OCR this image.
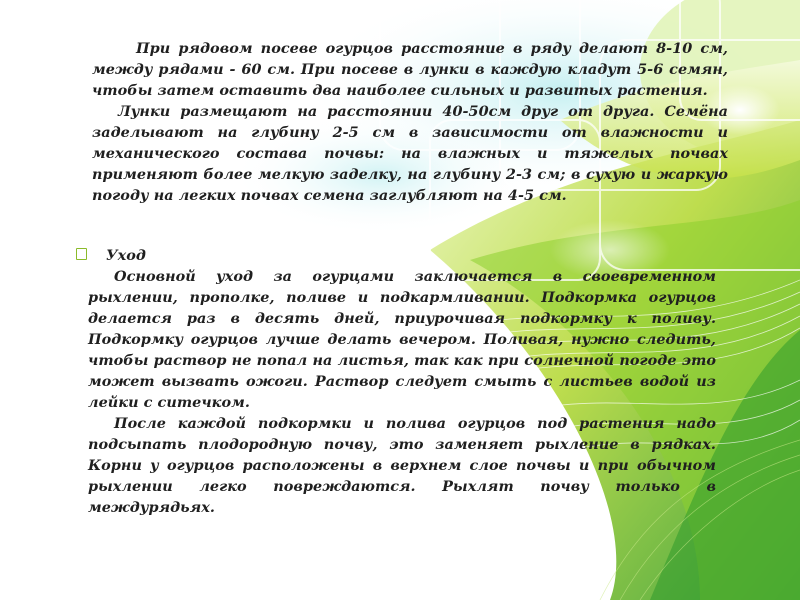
При рядовом посеве огурцов расстояние в ряду делают 8-10 см, между рядами - 60 см. При посеве в лунки в каждую кладут 5-6 семян, чтобы затем оставить два наиболее сильных и развитых растения.

Лунки размещают на расстоянии 40-50см друг от друга. Семёна заделывают на глубину 2-5 см в зависимости от влажности и механического состава почвы: на влажных и тяжелых почвах применяют более мелкую заделку, на глубину 2-3 см; в сухую и жаркую погоду на легких почвах семена заглубляют на 4-5 см.

Уход

Основной уход за огурцами заключается в своевременном рыхлении, прополке, поливе и подкармливании. Подкормка огурцов делается раз в десять дней, приурочивая подкормку к поливу. Подкормку огурцов лучше делать вечером. Поливая, нужно следить, чтобы раствор не попал на листья, так как при солнечной погоде это может вызвать ожоги. Раствор следует смыть с листьев водой из лейки с ситечком.

После каждой подкормки и полива огурцов под растения надо подсыпать плодородную почву, это заменяет рыхление в рядках. Корни у огурцов расположены в верхнем слое почвы и при обычном рыхлении легко повреждаются. Рыхлят почву только в междурядьях.
